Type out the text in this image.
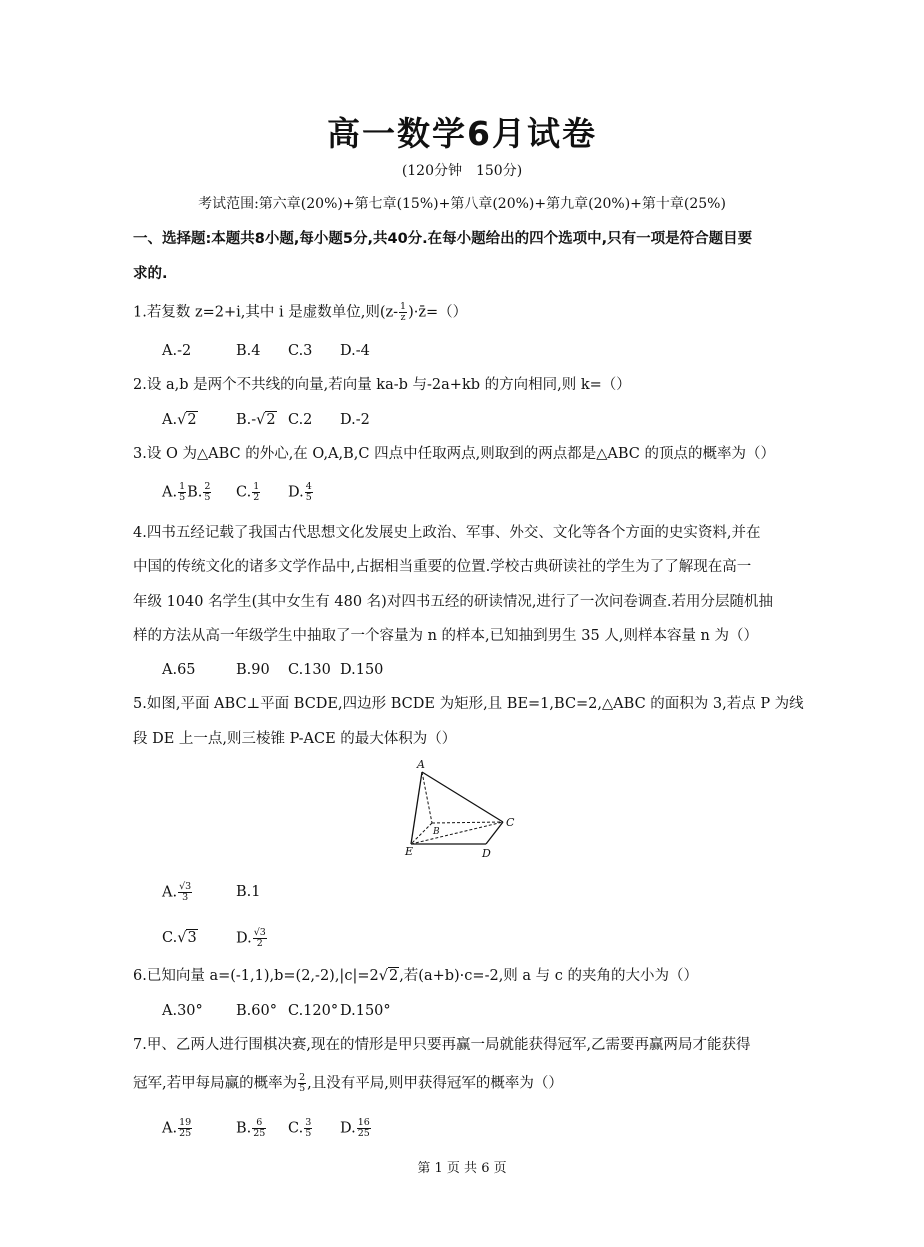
高一数学6月试卷
(120分钟　150分)
考试范围:第六章(20%)+第七章(15%)+第八章(20%)+第九章(20%)+第十章(25%)
一、选择题:本题共8小题,每小题5分,共40分.在每小题给出的四个选项中,只有一项是符合题目要
求的.
1.若复数 z=2+i,其中 i 是虚数单位,则($z- \frac{1}{z}$ )·z̄=（）
A.-2	B.4 C.3 D.-4
2.设 a,b 是两个不共线的向量,若向量 ka-b 与-2a+kb 的方向相同,则 k=（）
A.√2	B.-√2 C.2 D.-2
3.设 O 为△ABC 的外心,在 O,A,B,C 四点中任取两点,则取到的两点都是△ABC 的顶点的概率为（）
A. $\frac{1}{5} B$. $\frac{2}{5} C$. $\frac{1}{2} D$. $\frac{4}{5}$
4.四书五经记载了我国古代思想文化发展史上政治、军事、外交、文化等各个方面的史实资料,并在
中国的传统文化的诸多文学作品中,占据相当重要的位置.学校古典研读社的学生为了了解现在高一
年级 1040 名学生(其中女生有 480 名)对四书五经的研读情况,进行了一次问卷调查.若用分层随机抽
样的方法从高一年级学生中抽取了一个容量为 n 的样本,已知抽到男生 35 人,则样本容量 n 为（）
A.65	B.90 C.130 D.150
5.如图,平面 ABC⊥平面 BCDE,四边形 BCDE 为矩形,且 BE=1,BC=2,△ABC 的面积为 3,若点 P 为线
段 DE 上一点,则三棱锥 P-ACE 的最大体积为（）
A
B
C
D
E
A. $\frac{√3}{3}$	B.1
C.√3	D. $\frac{√3}{2}$
6.已知向量 a=(-1,1),b=(2,-2),|c|=2√2,若(a+b)·c=-2,则 a 与 c 的夹角的大小为（）
A.30° B.60° C.120° D.150°
7.甲、乙两人进行围棋决赛,现在的情形是甲只要再赢一局就能获得冠军,乙需要再赢两局才能获得
冠军,若甲每局赢的概率为 $\frac{2}{5}$ ,且没有平局,则甲获得冠军的概率为（）
A. $\frac{19}{25}$	B. $\frac{6}{25} C$. $\frac{3}{5} D$. $\frac{16}{25}$
第 1 页 共 6 页
